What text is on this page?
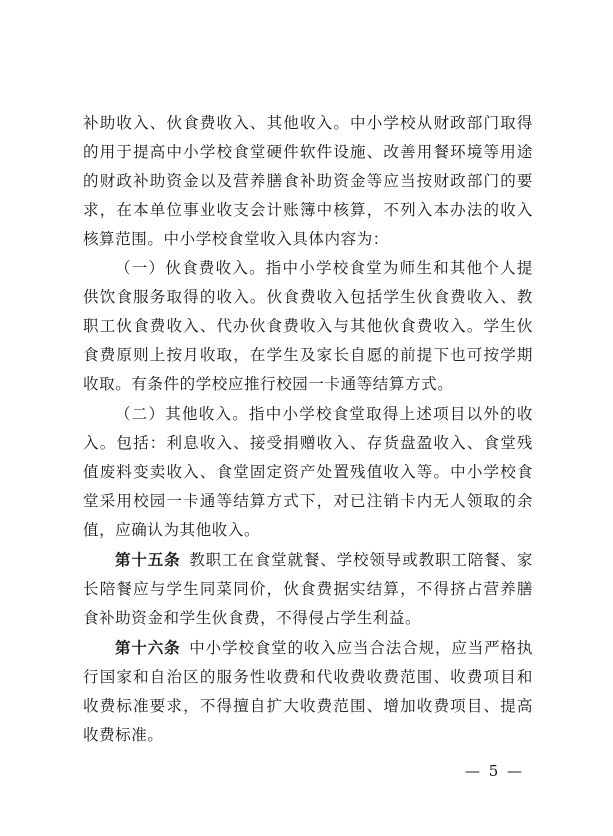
补助收入、伙食费收入、其他收入。中小学校从财政部门取得的用于提高中小学校食堂硬件软件设施、改善用餐环境等用途的财政补助资金以及营养膳食补助资金等应当按财政部门的要求，在本单位事业收支会计账簿中核算，不列入本办法的收入核算范围。中小学校食堂收入具体内容为：

（一）伙食费收入。指中小学校食堂为师生和其他个人提供饮食服务取得的收入。伙食费收入包括学生伙食费收入、教职工伙食费收入、代办伙食费收入与其他伙食费收入。学生伙食费原则上按月收取，在学生及家长自愿的前提下也可按学期收取。有条件的学校应推行校园一卡通等结算方式。

（二）其他收入。指中小学校食堂取得上述项目以外的收入。包括：利息收入、接受捐赠收入、存货盘盈收入、食堂残值废料变卖收入、食堂固定资产处置残值收入等。中小学校食堂采用校园一卡通等结算方式下，对已注销卡内无人领取的余值，应确认为其他收入。

第十五条  教职工在食堂就餐、学校领导或教职工陪餐、家长陪餐应与学生同菜同价，伙食费据实结算，不得挤占营养膳食补助资金和学生伙食费，不得侵占学生利益。

第十六条  中小学校食堂的收入应当合法合规，应当严格执行国家和自治区的服务性收费和代收费收费范围、收费项目和收费标准要求，不得擅自扩大收费范围、增加收费项目、提高收费标准。

— 5 —
